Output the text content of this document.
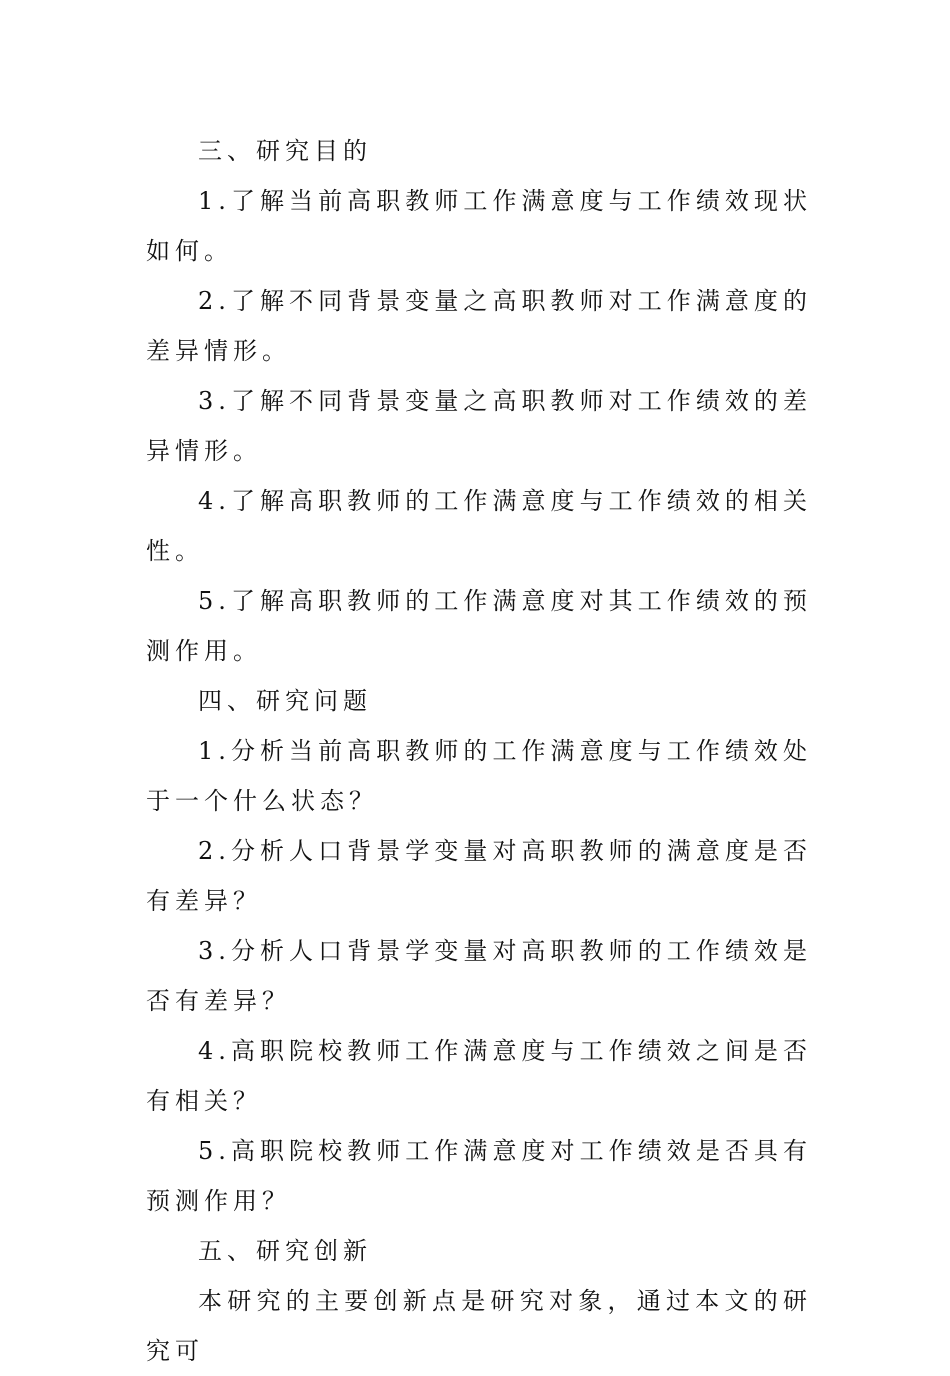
三、研究目的

1.了解当前高职教师工作满意度与工作绩效现状如何。

2.了解不同背景变量之高职教师对工作满意度的差异情形。

3.了解不同背景变量之高职教师对工作绩效的差异情形。

4.了解高职教师的工作满意度与工作绩效的相关性。

5.了解高职教师的工作满意度对其工作绩效的预测作用。

四、研究问题

1.分析当前高职教师的工作满意度与工作绩效处于一个什么状态？

2.分析人口背景学变量对高职教师的满意度是否有差异？

3.分析人口背景学变量对高职教师的工作绩效是否有差异？

4.高职院校教师工作满意度与工作绩效之间是否有相关？

5.高职院校教师工作满意度对工作绩效是否具有预测作用？

五、研究创新

本研究的主要创新点是研究对象，通过本文的研究可
